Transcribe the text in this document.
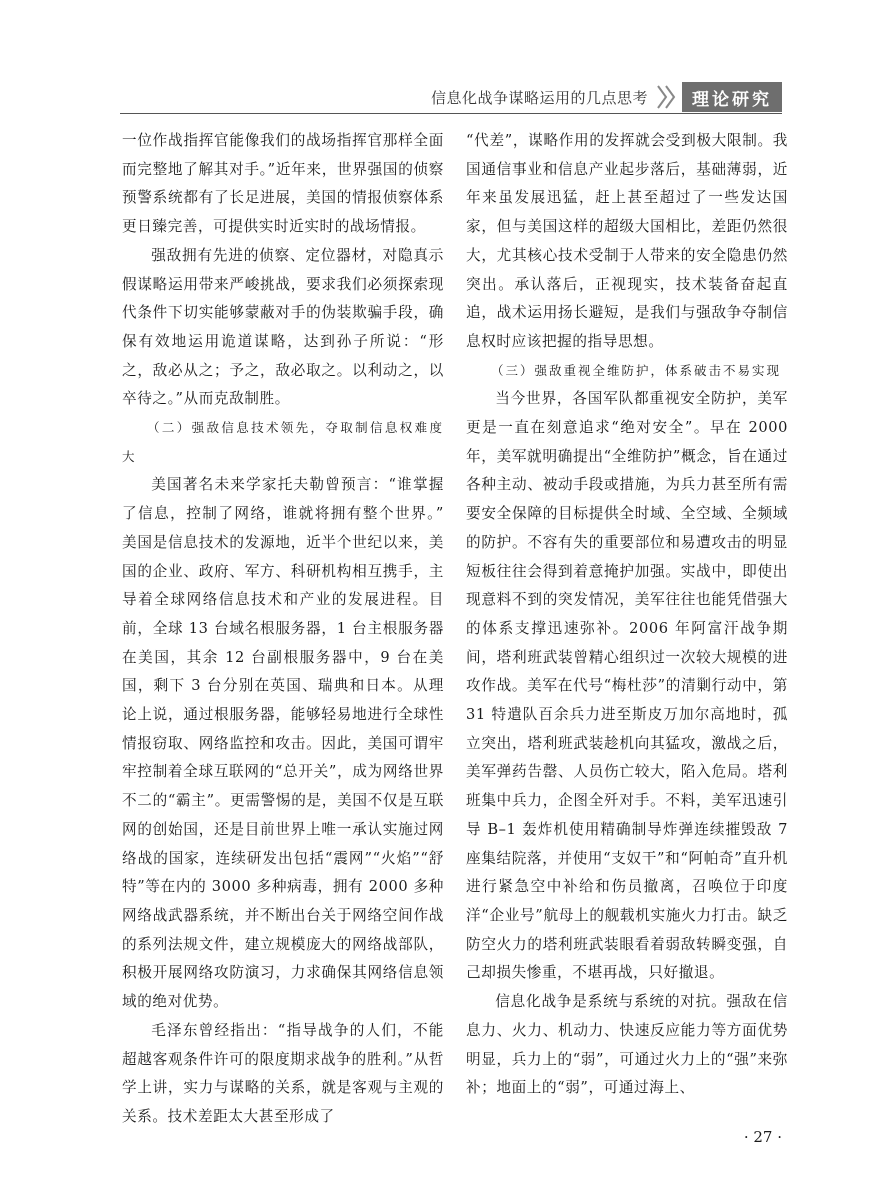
信息化战争谋略运用的几点思考	理论研究

一位作战指挥官能像我们的战场指挥官那样全面而完整地了解其对手。”近年来，世界强国的侦察预警系统都有了长足进展，美国的情报侦察体系更日臻完善，可提供实时近实时的战场情报。

强敌拥有先进的侦察、定位器材，对隐真示假谋略运用带来严峻挑战，要求我们必须探索现代条件下切实能够蒙蔽对手的伪装欺骗手段，确保有效地运用诡道谋略，达到孙子所说：“形之，敌必从之；予之，敌必取之。以利动之，以卒待之。”从而克敌制胜。

（二）强敌信息技术领先，夺取制信息权难度大

美国著名未来学家托夫勒曾预言：“谁掌握了信息，控制了网络，谁就将拥有整个世界。” 美国是信息技术的发源地，近半个世纪以来，美国的企业、政府、军方、科研机构相互携手，主导着全球网络信息技术和产业的发展进程。目前，全球 13 台域名根服务器，1 台主根服务器在美国，其余 12 台副根服务器中，9 台在美国，剩下 3 台分别在英国、瑞典和日本。从理论上说，通过根服务器，能够轻易地进行全球性情报窃取、网络监控和攻击。因此，美国可谓牢牢控制着全球互联网的“总开关”，成为网络世界不二的“霸主”。更需警惕的是，美国不仅是互联网的创始国，还是目前世界上唯一承认实施过网络战的国家，连续研发出包括“震网”“火焰”“舒特”等在内的 3000 多种病毒，拥有 2000 多种网络战武器系统，并不断出台关于网络空间作战的系列法规文件，建立规模庞大的网络战部队，积极开展网络攻防演习，力求确保其网络信息领域的绝对优势。

毛泽东曾经指出：“指导战争的人们，不能超越客观条件许可的限度期求战争的胜利。”从哲学上讲，实力与谋略的关系，就是客观与主观的关系。技术差距太大甚至形成了

“代差”，谋略作用的发挥就会受到极大限制。我国通信事业和信息产业起步落后，基础薄弱，近年来虽发展迅猛，赶上甚至超过了一些发达国家，但与美国这样的超级大国相比，差距仍然很大，尤其核心技术受制于人带来的安全隐患仍然突出。承认落后，正视现实，技术装备奋起直追，战术运用扬长避短，是我们与强敌争夺制信息权时应该把握的指导思想。

（三）强敌重视全维防护，体系破击不易实现

当今世界，各国军队都重视安全防护，美军更是一直在刻意追求“绝对安全”。早在 2000 年，美军就明确提出“全维防护”概念，旨在通过各种主动、被动手段或措施，为兵力甚至所有需要安全保障的目标提供全时域、全空域、全频域的防护。不容有失的重要部位和易遭攻击的明显短板往往会得到着意掩护加强。实战中，即使出现意料不到的突发情况，美军往往也能凭借强大的体系支撑迅速弥补。2006 年阿富汗战争期间，塔利班武装曾精心组织过一次较大规模的进攻作战。美军在代号“梅杜莎”的清剿行动中，第 31 特遣队百余兵力进至斯皮万加尔高地时，孤立突出，塔利班武装趁机向其猛攻，激战之后，美军弹药告罄、人员伤亡较大，陷入危局。塔利班集中兵力，企图全歼对手。不料，美军迅速引导 B–1 轰炸机使用精确制导炸弹连续摧毁敌 7 座集结院落，并使用“支奴干”和“阿帕奇”直升机进行紧急空中补给和伤员撤离，召唤位于印度洋“企业号”航母上的舰载机实施火力打击。缺乏防空火力的塔利班武装眼看着弱敌转瞬变强，自己却损失惨重，不堪再战，只好撤退。

信息化战争是系统与系统的对抗。强敌在信息力、火力、机动力、快速反应能力等方面优势明显，兵力上的“弱”，可通过火力上的“强”来弥补；地面上的“弱”，可通过海上、

· 27 ·
